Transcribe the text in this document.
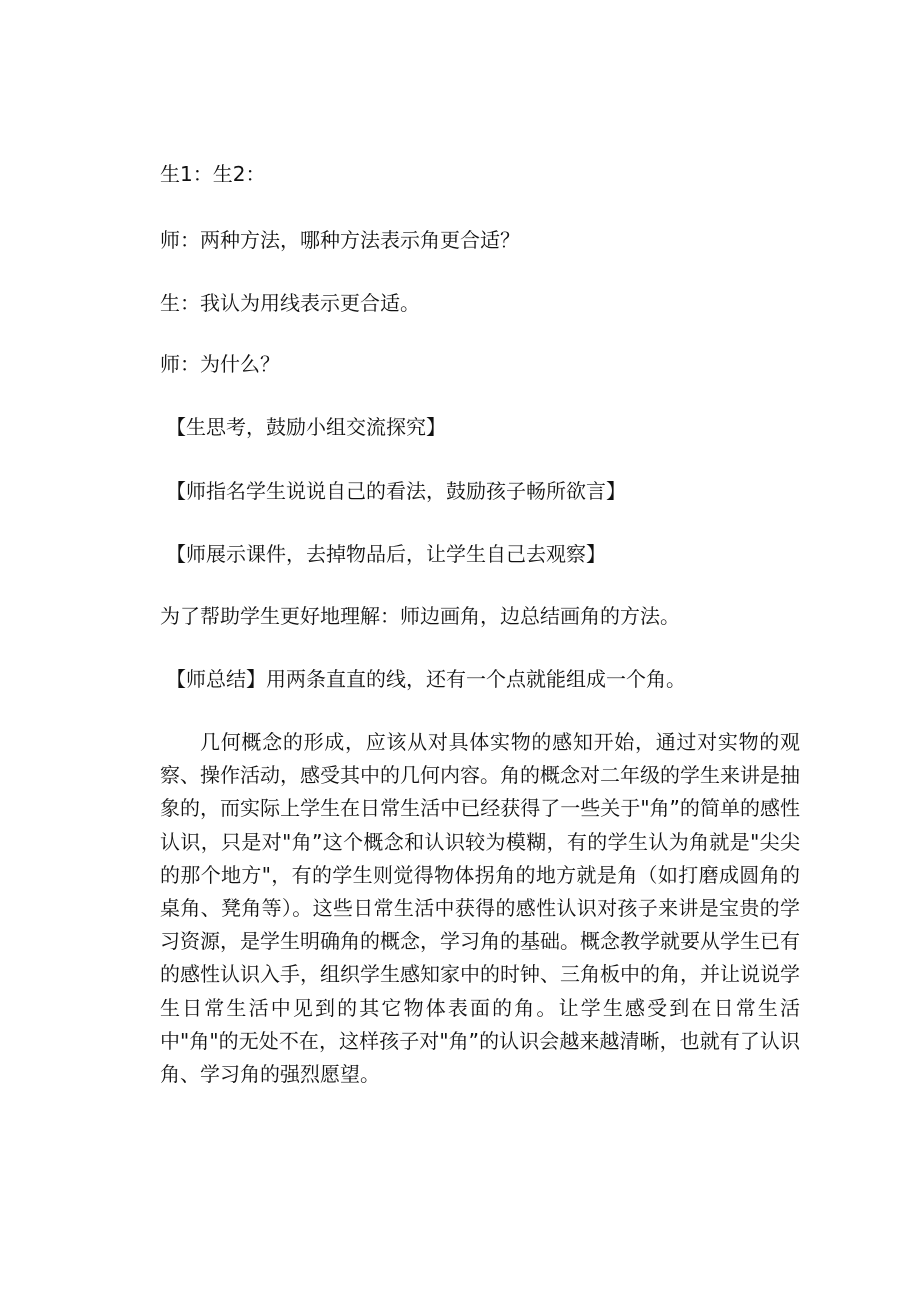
生1：生2：

师：两种方法，哪种方法表示角更合适？

生：我认为用线表示更合适。

师：为什么？

【生思考，鼓励小组交流探究】

【师指名学生说说自己的看法，鼓励孩子畅所欲言】

【师展示课件，去掉物品后，让学生自己去观察】

为了帮助学生更好地理解：师边画角，边总结画角的方法。

【师总结】用两条直直的线，还有一个点就能组成一个角。

几何概念的形成，应该从对具体实物的感知开始，通过对实物的观察、操作活动，感受其中的几何内容。角的概念对二年级的学生来讲是抽象的，而实际上学生在日常生活中已经获得了一些关于"角”的简单的感性认识，只是对"角”这个概念和认识较为模糊，有的学生认为角就是"尖尖的那个地方"，有的学生则觉得物体拐角的地方就是角（如打磨成圆角的桌角、凳角等）。这些日常生活中获得的感性认识对孩子来讲是宝贵的学习资源，是学生明确角的概念，学习角的基础。概念教学就要从学生已有的感性认识入手，组织学生感知家中的时钟、三角板中的角，并让说说学生日常生活中见到的其它物体表面的角。让学生感受到在日常生活中"角"的无处不在，这样孩子对"角”的认识会越来越清晰，也就有了认识角、学习角的强烈愿望。
